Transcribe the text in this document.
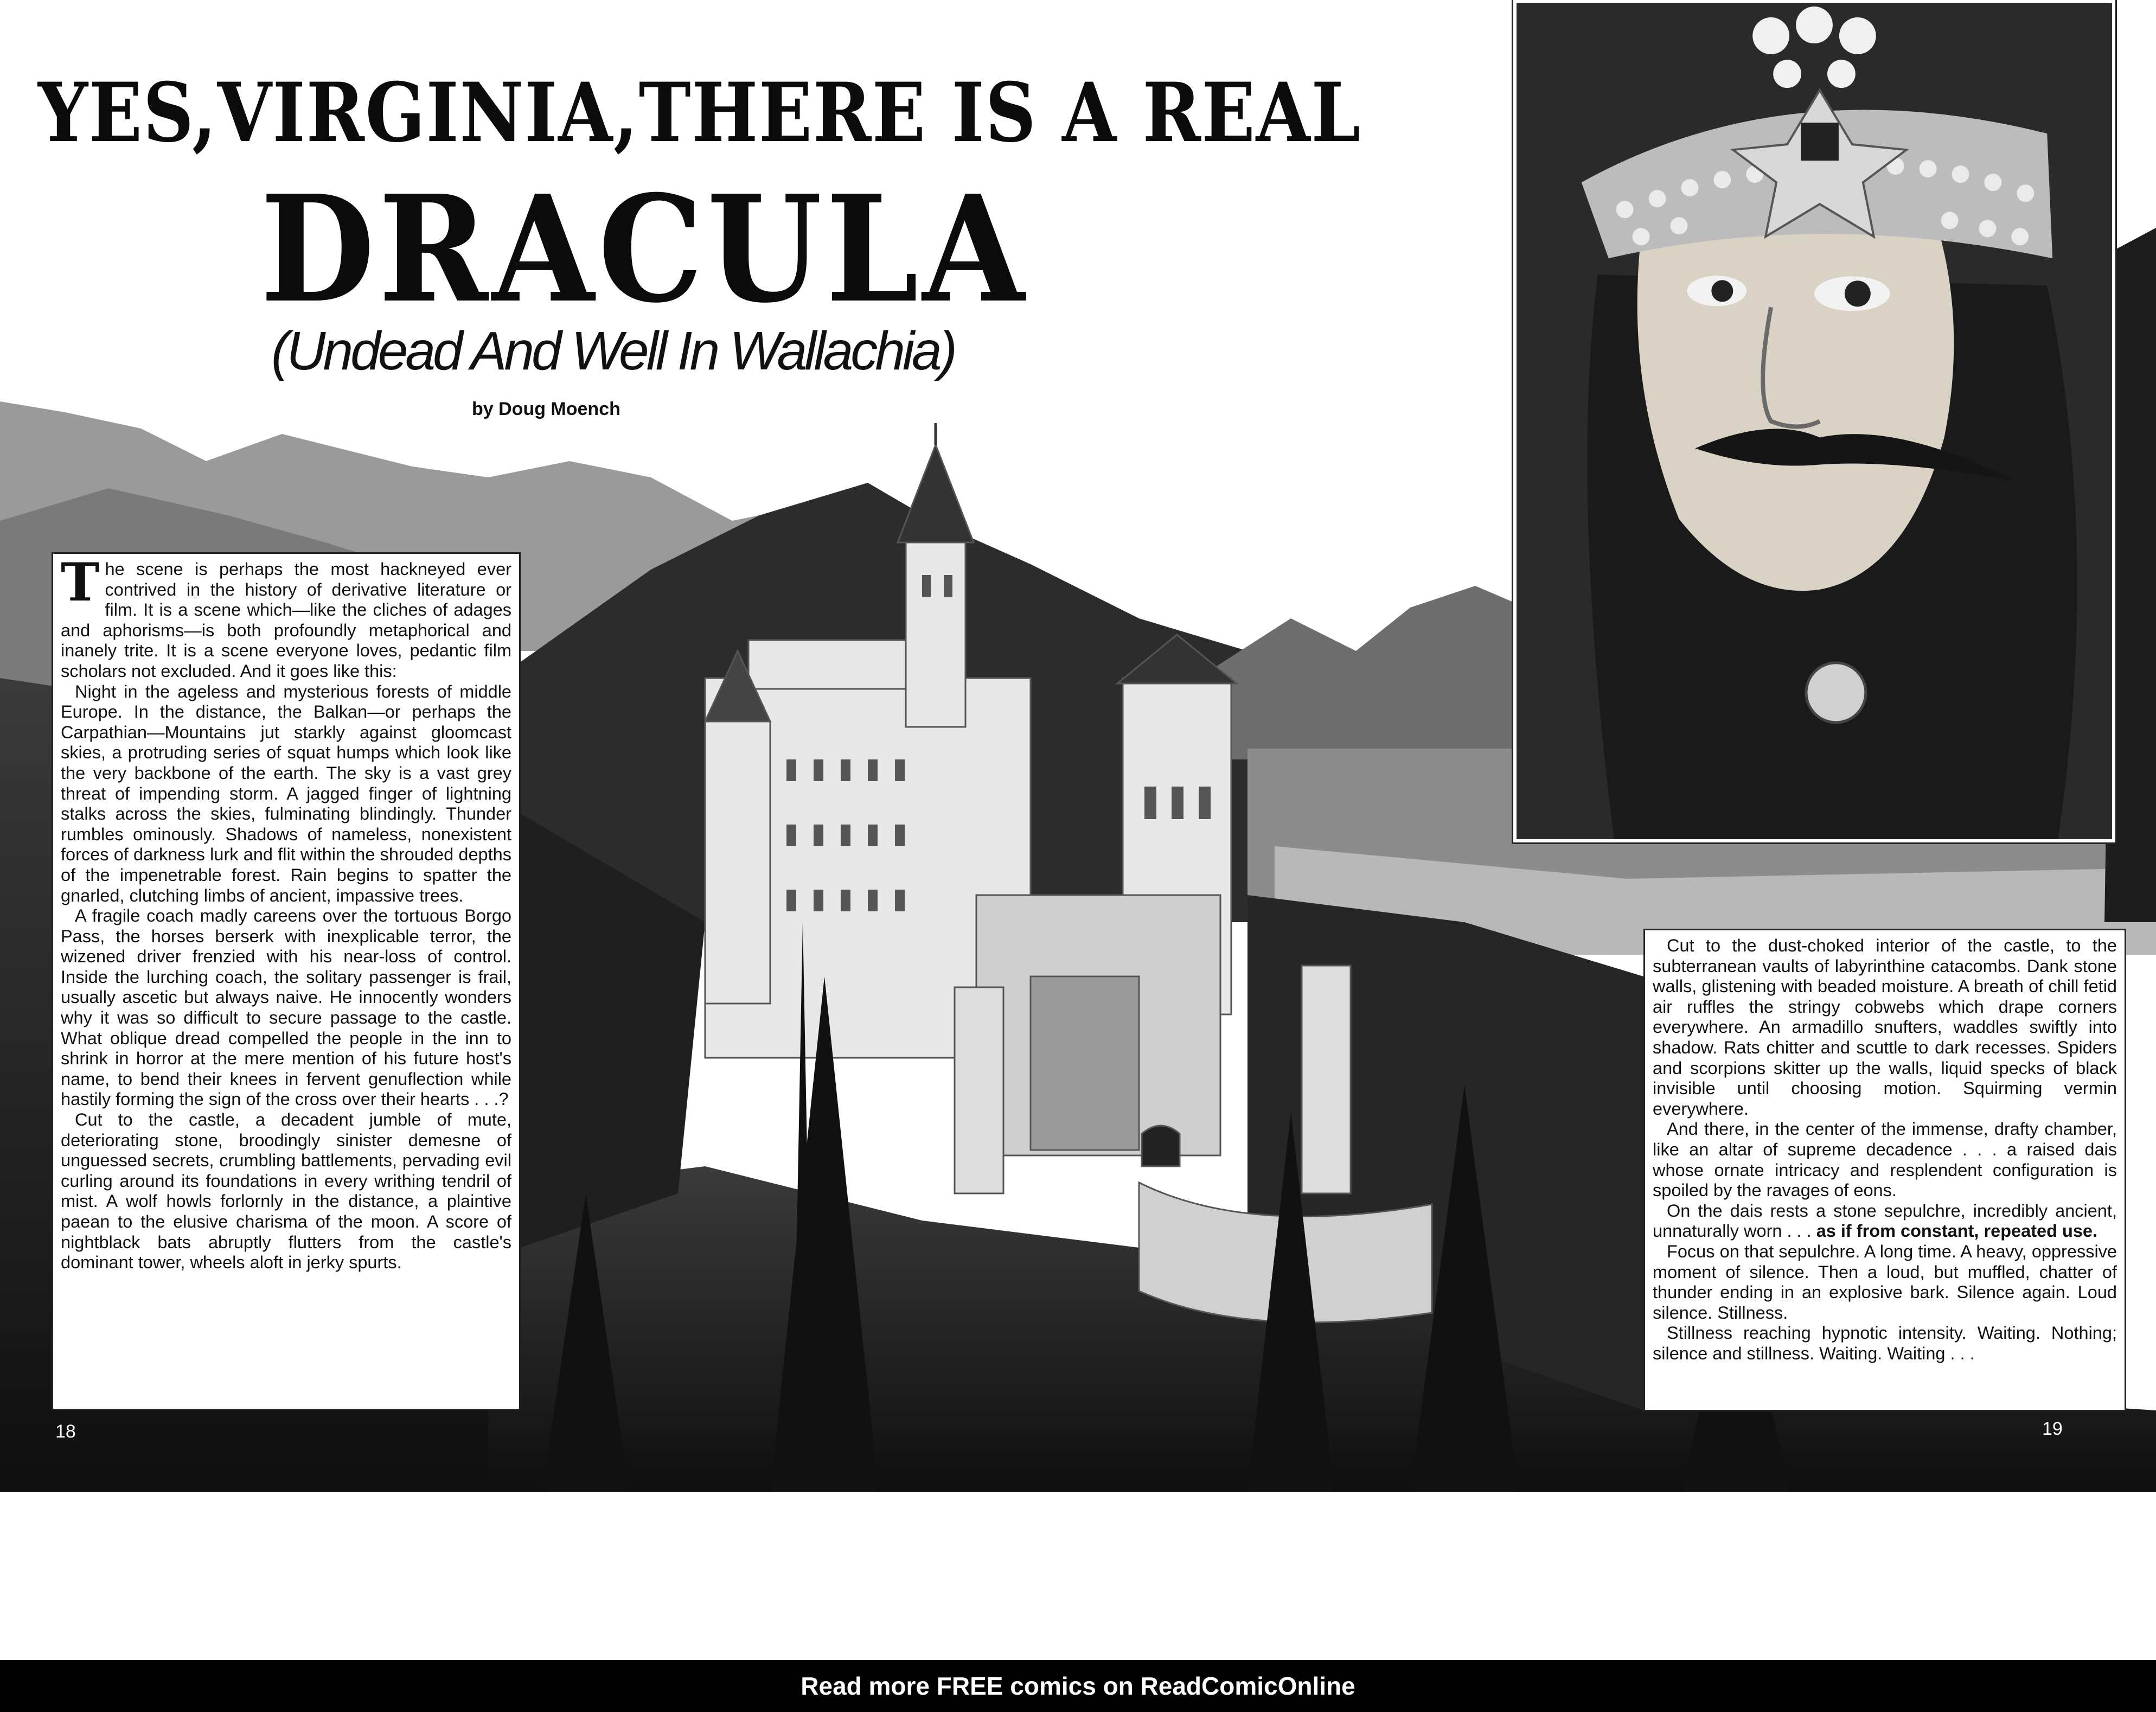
YES,VIRGINIA,THERE IS A REAL
DRACULA
(Undead And Well In Wallachia)
by Doug Moench

The scene is perhaps the most hackneyed ever contrived in the history of derivative literature or film. It is a scene which—like the cliches of adages and aphorisms—is both profoundly metaphorical and inanely trite. It is a scene everyone loves, pedantic film scholars not excluded. And it goes like this:

Night in the ageless and mysterious forests of middle Europe. In the distance, the Balkan—or perhaps the Carpathian—Mountains jut starkly against gloomcast skies, a protruding series of squat humps which look like the very backbone of the earth. The sky is a vast grey threat of impending storm. A jagged finger of lightning stalks across the skies, fulminating blindingly. Thunder rumbles ominously. Shadows of nameless, nonexistent forces of darkness lurk and flit within the shrouded depths of the impenetrable forest. Rain begins to spatter the gnarled, clutching limbs of ancient, impassive trees.

A fragile coach madly careens over the tortuous Borgo Pass, the horses berserk with inexplicable terror, the wizened driver frenzied with his near-loss of control. Inside the lurching coach, the solitary passenger is frail, usually ascetic but always naive. He innocently wonders why it was so difficult to secure passage to the castle. What oblique dread compelled the people in the inn to shrink in horror at the mere mention of his future host's name, to bend their knees in fervent genuflection while hastily forming the sign of the cross over their hearts . . .?

Cut to the castle, a decadent jumble of mute, deteriorating stone, broodingly sinister demesne of unguessed secrets, crumbling battlements, pervading evil curling around its foundations in every writhing tendril of mist. A wolf howls forlornly in the distance, a plaintive paean to the elusive charisma of the moon. A score of nightblack bats abruptly flutters from the castle's dominant tower, wheels aloft in jerky spurts.

Cut to the dust-choked interior of the castle, to the subterranean vaults of labyrinthine catacombs. Dank stone walls, glistening with beaded moisture. A breath of chill fetid air ruffles the stringy cobwebs which drape corners everywhere. An armadillo snufters, waddles swiftly into shadow. Rats chitter and scuttle to dark recesses. Spiders and scorpions skitter up the walls, liquid specks of black invisible until choosing motion. Squirming vermin everywhere.

And there, in the center of the immense, drafty chamber, like an altar of supreme decadence . . . a raised dais whose ornate intricacy and resplendent configuration is spoiled by the ravages of eons.

On the dais rests a stone sepulchre, incredibly ancient, unnaturally worn . . . as if from constant, repeated use.

Focus on that sepulchre. A long time. A heavy, oppressive moment of silence. Then a loud, but muffled, chatter of thunder ending in an explosive bark. Silence again. Loud silence. Stillness.

Stillness reaching hypnotic intensity. Waiting. Nothing; silence and stillness. Waiting. Waiting . . .

18	19
Read more FREE comics on ReadComicOnline
